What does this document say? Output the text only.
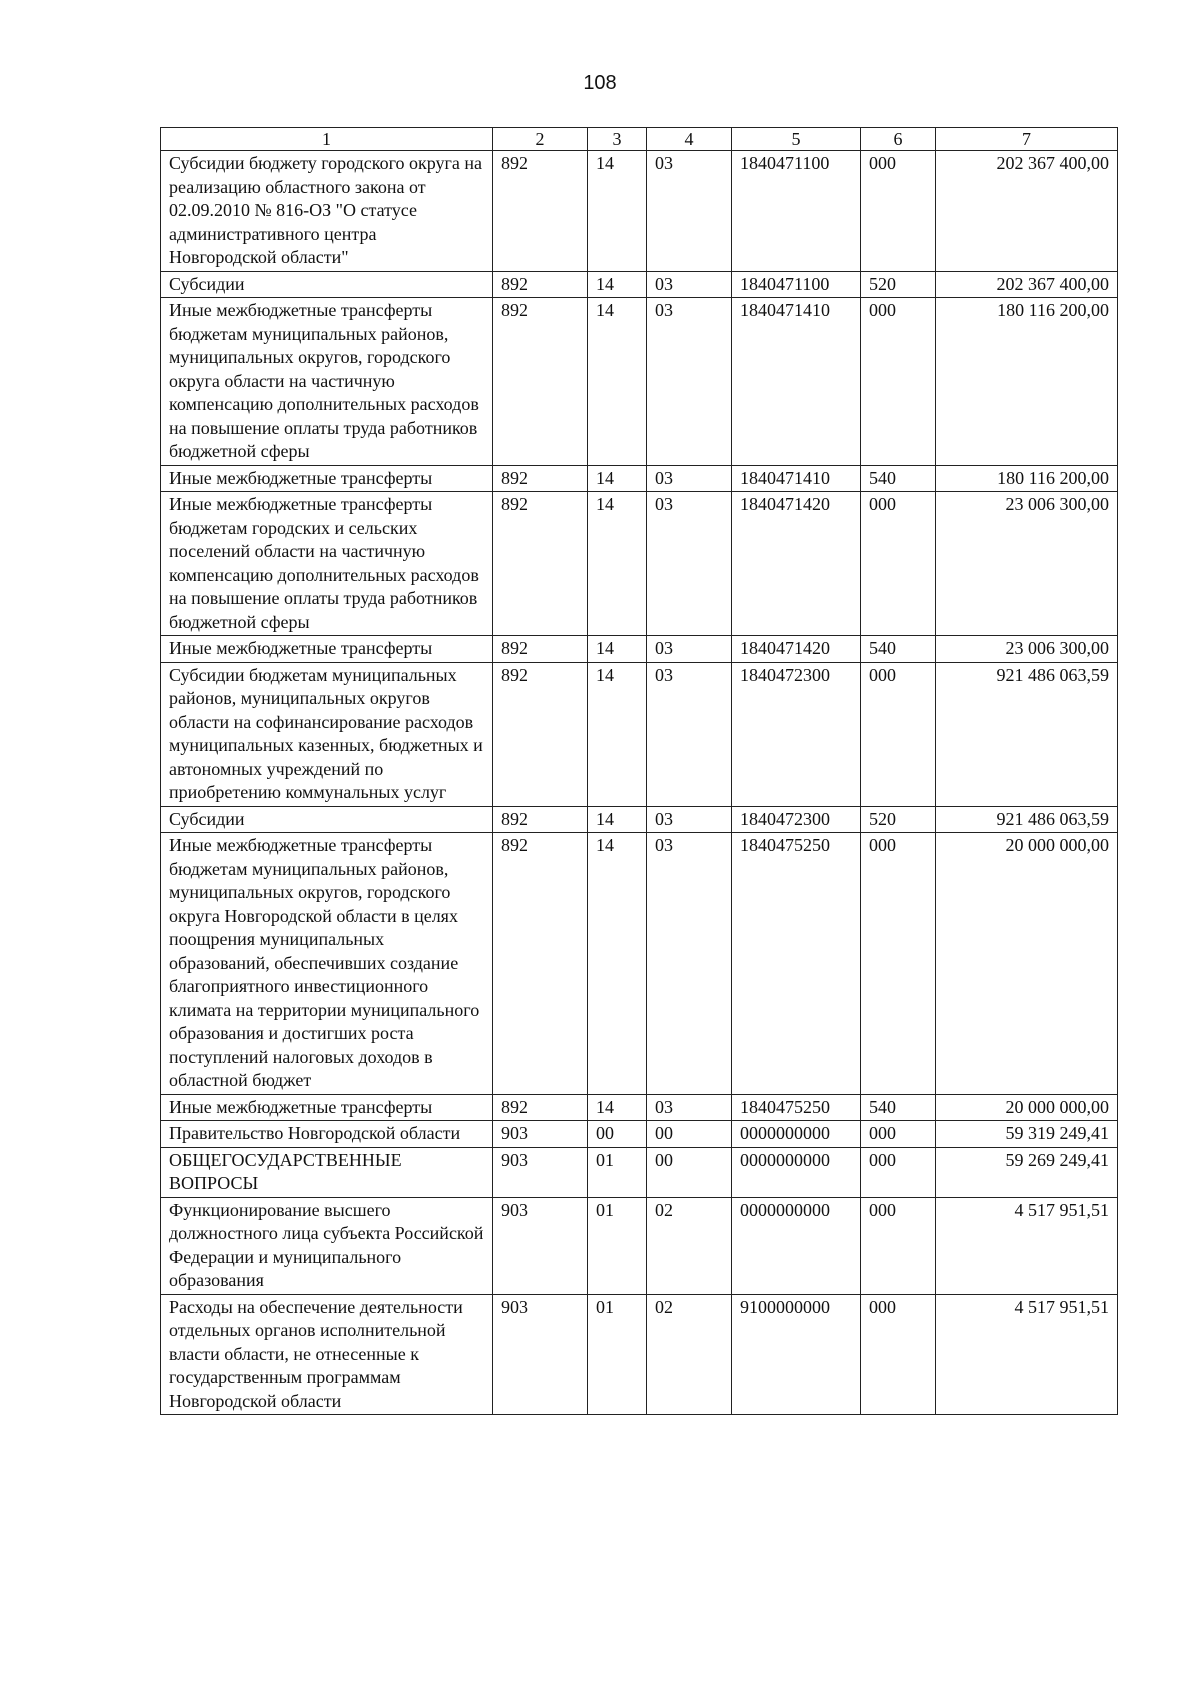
108
1	2	3	4	5	6	7
Субсидии бюджету городского округа на реализацию областного закона от 02.09.2010 № 816-ОЗ "О статусе административного центра Новгородской области"	892	14	03	1840471100	000	202 367 400,00
Субсидии	892	14	03	1840471100	520	202 367 400,00
Иные межбюджетные трансферты бюджетам муниципальных районов, муниципальных округов, городского округа области на частичную компенсацию дополнительных расходов на повышение оплаты труда работников бюджетной сферы	892	14	03	1840471410	000	180 116 200,00
Иные межбюджетные трансферты	892	14	03	1840471410	540	180 116 200,00
Иные межбюджетные трансферты бюджетам городских и сельских поселений области на частичную компенсацию дополнительных расходов на повышение оплаты труда работников бюджетной сферы	892	14	03	1840471420	000	23 006 300,00
Иные межбюджетные трансферты	892	14	03	1840471420	540	23 006 300,00
Субсидии бюджетам муниципальных районов, муниципальных округов области на софинансирование расходов муниципальных казенных, бюджетных и автономных учреждений по приобретению коммунальных услуг	892	14	03	1840472300	000	921 486 063,59
Субсидии	892	14	03	1840472300	520	921 486 063,59
Иные межбюджетные трансферты бюджетам муниципальных районов, муниципальных округов, городского округа Новгородской области в целях поощрения муниципальных образований, обеспечивших создание благоприятного инвестиционного климата на территории муниципального образования и достигших роста поступлений налоговых доходов в областной бюджет	892	14	03	1840475250	000	20 000 000,00
Иные межбюджетные трансферты	892	14	03	1840475250	540	20 000 000,00
Правительство Новгородской области	903	00	00	0000000000	000	59 319 249,41
ОБЩЕГОСУДАРСТВЕННЫЕ ВОПРОСЫ	903	01	00	0000000000	000	59 269 249,41
Функционирование высшего должностного лица субъекта Российской Федерации и муниципального образования	903	01	02	0000000000	000	4 517 951,51
Расходы на обеспечение деятельности отдельных органов исполнительной власти области, не отнесенные к государственным программам Новгородской области	903	01	02	9100000000	000	4 517 951,51
